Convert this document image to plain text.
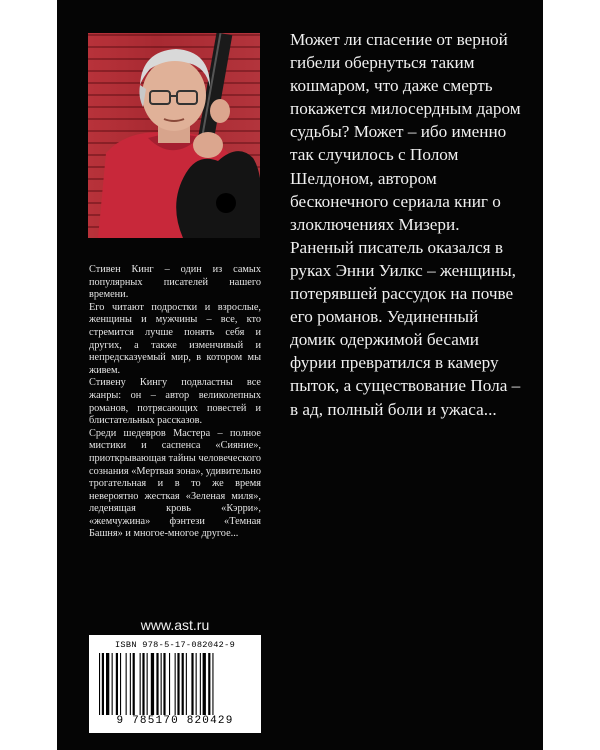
Стивен Кинг – один из самых популярных писателей нашего времени.

Его читают подростки и взрослые, женщины и мужчины – все, кто стремится лучше понять себя и других, а также изменчивый и непредсказуемый мир, в котором мы живем.

Стивену Кингу подвластны все жанры: он – автор великолепных романов, потрясающих повестей и блистательных рассказов.

Среди шедевров Мастера – полное мистики и саспенса «Сияние», приоткрывающая тайны человеческого сознания «Мертвая зона», удивительно трогательная и в то же время невероятно жесткая «Зеленая миля», леденящая кровь «Кэрри», «жемчужина» фэнтези «Темная Башня» и многое-многое другое...

Может ли спасение от верной гибели обернуться таким кошмаром, что даже смерть покажется милосердным даром судьбы? Может – ибо именно так случилось с Полом Шелдоном, автором бесконечного сериала книг о злоключениях Мизери. Раненый писатель оказался в руках Энни Уилкс – женщины, потерявшей рассудок на почве его романов. Уединенный домик одержимой бесами фурии превратился в камеру пыток, а существование Пола – в ад, полный боли и ужаса...

www.ast.ru
ISBN 978-5-17-082042-9
9 785170 820429
